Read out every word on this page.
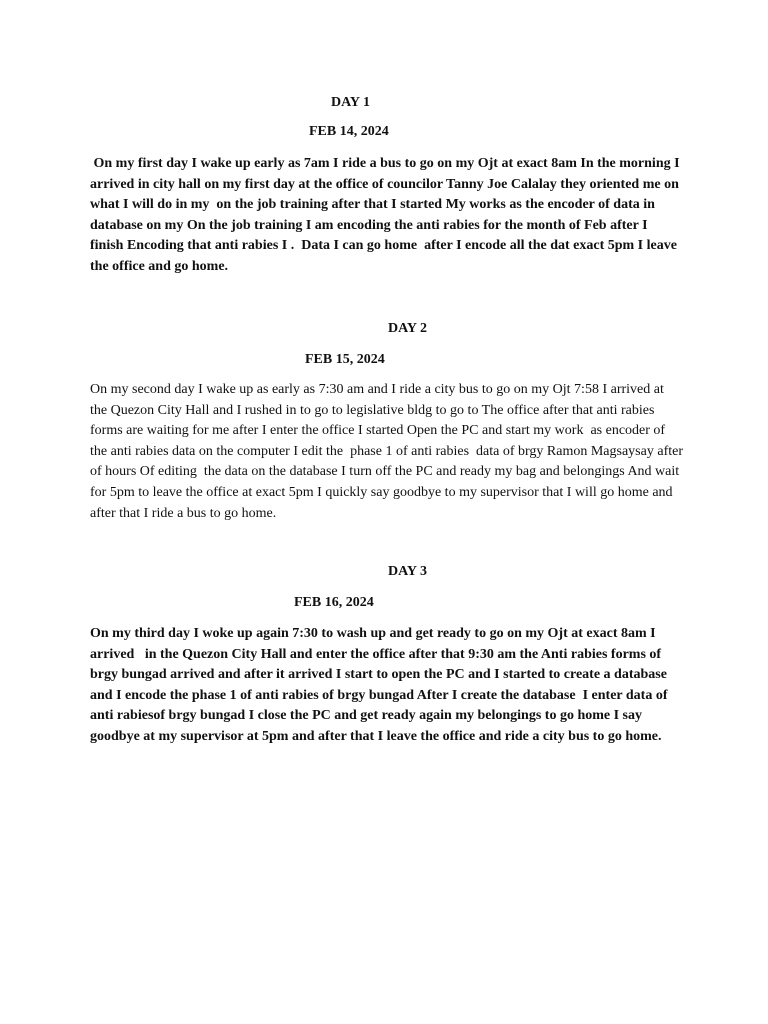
DAY 1
FEB 14, 2024
On my first day I wake up early as 7am I ride a bus to go on my Ojt at exact 8am In the morning I arrived in city hall on my first day at the office of councilor Tanny Joe Calalay they oriented me on what I will do in my  on the job training after that I started My works as the encoder of data in database on my On the job training I am encoding the anti rabies for the month of Feb after I finish Encoding that anti rabies I .  Data I can go home  after I encode all the dat exact 5pm I leave the office and go home.
DAY 2
FEB 15, 2024
On my second day I wake up as early as 7:30 am and I ride a city bus to go on my Ojt 7:58 I arrived at the Quezon City Hall and I rushed in to go to legislative bldg to go to The office after that anti rabies forms are waiting for me after I enter the office I started Open the PC and start my work  as encoder of the anti rabies data on the computer I edit the  phase 1 of anti rabies  data of brgy Ramon Magsaysay after of hours Of editing  the data on the database I turn off the PC and ready my bag and belongings And wait for 5pm to leave the office at exact 5pm I quickly say goodbye to my supervisor that I will go home and after that I ride a bus to go home.
DAY 3
FEB 16, 2024
On my third day I woke up again 7:30 to wash up and get ready to go on my Ojt at exact 8am I arrived   in the Quezon City Hall and enter the office after that 9:30 am the Anti rabies forms of brgy bungad arrived and after it arrived I start to open the PC and I started to create a database and I encode the phase 1 of anti rabies of brgy bungad After I create the database  I enter data of anti rabiesof brgy bungad I close the PC and get ready again my belongings to go home I say goodbye at my supervisor at 5pm and after that I leave the office and ride a city bus to go home.
